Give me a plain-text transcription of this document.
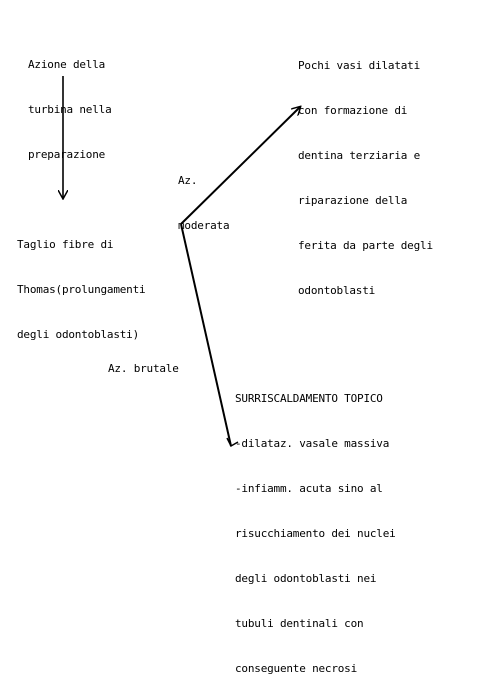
Azione della

turbina nella

preparazione

Pochi vasi dilatati

con formazione di

dentina terziaria e

riparazione della

ferita da parte degli

odontoblasti

Az.

moderata

Taglio fibre di

Thomas(prolungamenti

degli odontoblasti)

Az. brutale

SURRISCALDAMENTO TOPICO

-dilataz. vasale massiva

-infiamm. acuta sino al

risucchiamento dei nuclei

degli odontoblasti nei

tubuli dentinali con

conseguente necrosi
